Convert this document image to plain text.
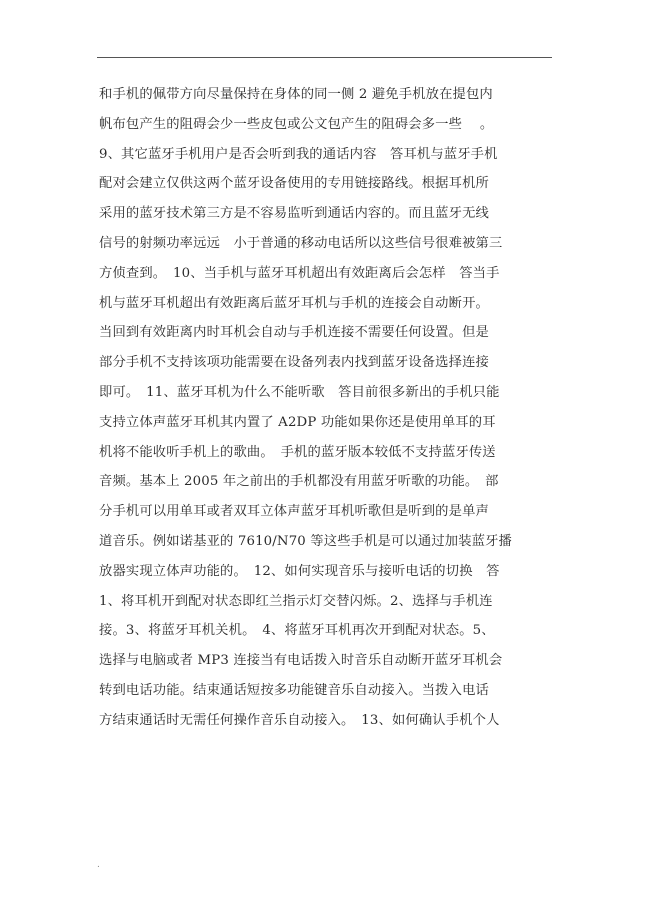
和手机的佩带方向尽量保持在身体的同一侧 2 避免手机放在提包内
帆布包产生的阻碍会少一些皮包或公文包产生的阻碍会多一些 　。
9、其它蓝牙手机用户是否会听到我的通话内容　答耳机与蓝牙手机
配对会建立仅供这两个蓝牙设备使用的专用链接路线。根据耳机所
采用的蓝牙技术第三方是不容易监听到通话内容的。而且蓝牙无线
信号的射频功率远远　小于普通的移动电话所以这些信号很难被第三
方侦查到。　10、当手机与蓝牙耳机超出有效距离后会怎样　答当手
机与蓝牙耳机超出有效距离后蓝牙耳机与手机的连接会自动断开。
当回到有效距离内时耳机会自动与手机连接不需要任何设置。但是
部分手机不支持该项功能需要在设备列表内找到蓝牙设备选择连接
即可。　11、蓝牙耳机为什么不能听歌　答目前很多新出的手机只能
支持立体声蓝牙耳机其内置了 A2DP 功能如果你还是使用单耳的耳
机将不能收听手机上的歌曲。　手机的蓝牙版本较低不支持蓝牙传送
音频。基本上 2005 年之前出的手机都没有用蓝牙听歌的功能。　部
分手机可以用单耳或者双耳立体声蓝牙耳机听歌但是听到的是单声
道音乐。例如诺基亚的 7610/N70 等这些手机是可以通过加装蓝牙播
放器实现立体声功能的。　12、如何实现音乐与接听电话的切换　答
1、将耳机开到配对状态即红兰指示灯交替闪烁。2、选择与手机连
接。3、将蓝牙耳机关机。　4、将蓝牙耳机再次开到配对状态。5、
选择与电脑或者 MP3 连接当有电话拨入时音乐自动断开蓝牙耳机会
转到电话功能。结束通话短按多功能键音乐自动接入。当拨入电话
方结束通话时无需任何操作音乐自动接入。　13、如何确认手机个人
.
